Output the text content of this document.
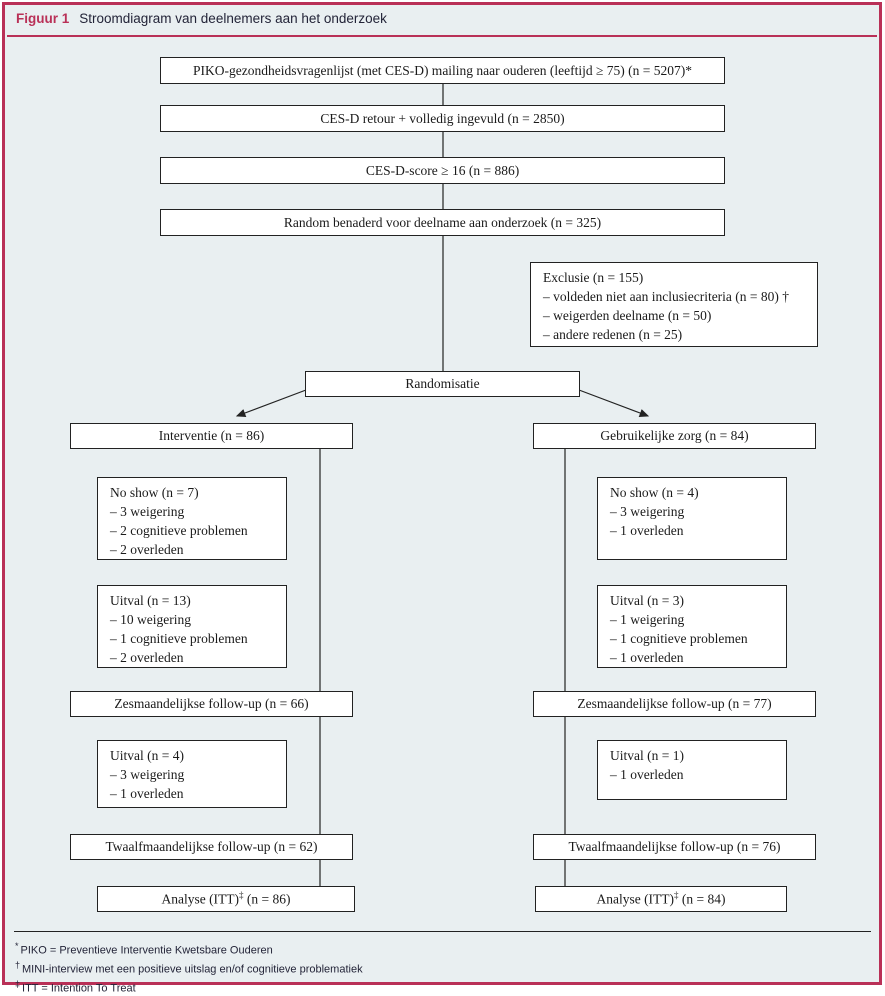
Figuur 1 Stroomdiagram van deelnemers aan het onderzoek
PIKO-gezondheidsvragenlijst (met CES-D) mailing naar ouderen (leeftijd ≥ 75) (n = 5207)*
CES-D retour + volledig ingevuld (n = 2850)
CES-D-score ≥ 16 (n = 886)
Random benaderd voor deelname aan onderzoek (n = 325)
Exclusie (n = 155)
– voldeden niet aan inclusiecriteria (n = 80) †
– weigerden deelname (n = 50)
– andere redenen (n = 25)
Randomisatie
Interventie (n = 86)
No show (n = 7)
– 3 weigering
– 2 cognitieve problemen
– 2 overleden
Uitval (n = 13)
– 10 weigering
– 1 cognitieve problemen
– 2 overleden
Zesmaandelijkse follow-up (n = 66)
Uitval (n = 4)
– 3 weigering
– 1 overleden
Twaalfmaandelijkse follow-up (n = 62)
Analyse (ITT)‡ (n = 86)
Gebruikelijke zorg (n = 84)
No show (n = 4)
– 3 weigering
– 1 overleden
Uitval (n = 3)
– 1 weigering
– 1 cognitieve problemen
– 1 overleden
Zesmaandelijkse follow-up (n = 77)
Uitval (n = 1)
– 1 overleden
Twaalfmaandelijkse follow-up (n = 76)
Analyse (ITT)‡ (n = 84)
* PIKO = Preventieve Interventie Kwetsbare Ouderen
† MINI-interview met een positieve uitslag en/of cognitieve problematiek
‡ ITT = Intention To Treat
